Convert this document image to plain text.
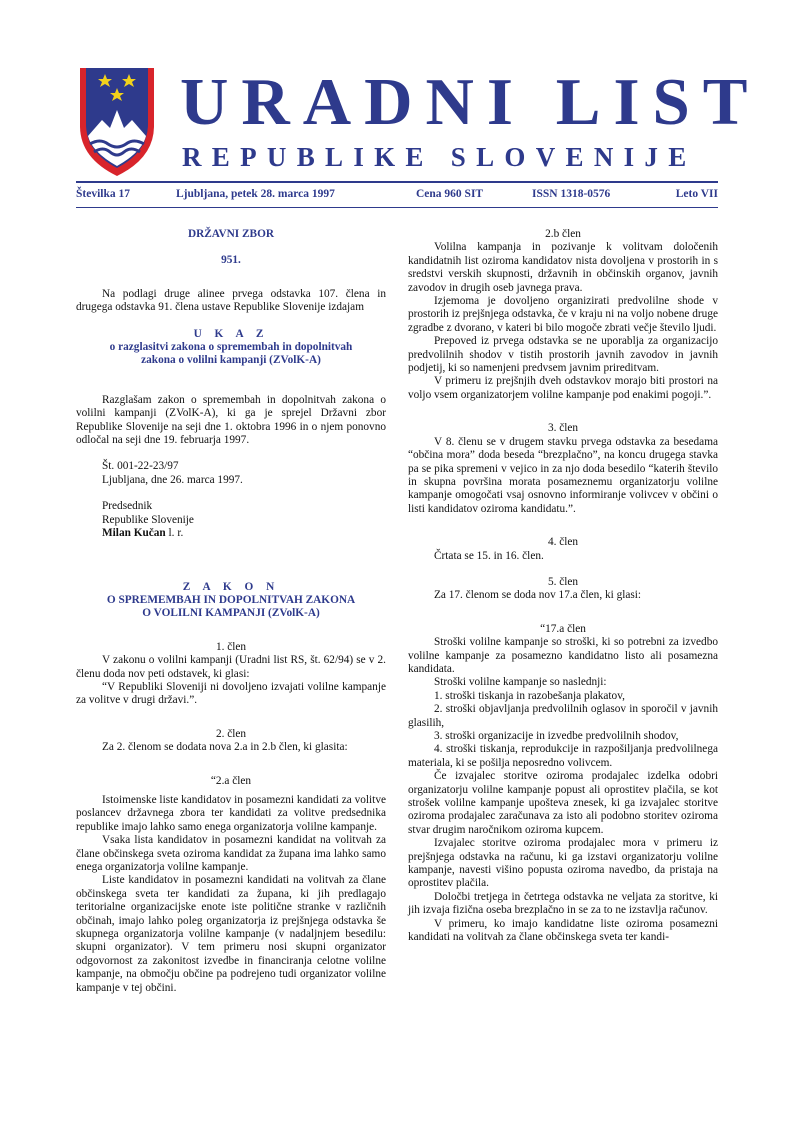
URADNI LIST
REPUBLIKE SLOVENIJE
Številka 17	Ljubljana, petek 28. marca 1997	Cena 960 SIT	ISSN 1318-0576	Leto VII
DRŽAVNI ZBOR
951.

Na podlagi druge alinee prvega odstavka 107. člena in drugega odstavka 91. člena ustave Republike Slovenije izdajam

U K A Z
o razglasitvi zakona o spremembah in dopolnitvah zakona o volilni kampanji (ZVolK-A)

Razglašam zakon o spremembah in dopolnitvah zakona o volilni kampanji (ZVolK-A), ki ga je sprejel Državni zbor Republike Slovenije na seji dne 1. oktobra 1996 in o njem ponovno odločal na seji dne 19. februarja 1997.

Št. 001-22-23/97

Ljubljana, dne 26. marca 1997.

Predsednik

Republike Slovenije

Milan Kučan l. r.

Z A K O N
O SPREMEMBAH IN DOPOLNITVAH ZAKONA O VOLILNI KAMPANJI (ZVolK-A)

1. člen

V zakonu o volilni kampanji (Uradni list RS, št. 62/94) se v 2. členu doda nov peti odstavek, ki glasi:

“V Republiki Sloveniji ni dovoljeno izvajati volilne kampanje za volitve v drugi državi.”.

2. člen

Za 2. členom se dodata nova 2.a in 2.b člen, ki glasita:

“2.a člen

Istoimenske liste kandidatov in posamezni kandidati za volitve poslancev državnega zbora ter kandidati za volitve predsednika republike imajo lahko samo enega organizatorja volilne kampanje.

Vsaka lista kandidatov in posamezni kandidat na volitvah za člane občinskega sveta oziroma kandidat za župana ima lahko samo enega organizatorja volilne kampanje.

Liste kandidatov in posamezni kandidati na volitvah za člane občinskega sveta ter kandidati za župana, ki jih predlagajo teritorialne organizacijske enote iste politične stranke v različnih občinah, imajo lahko poleg organizatorja iz prejšnjega odstavka še skupnega organizatorja volilne kampanje (v nadaljnjem besedilu: skupni organizator). V tem primeru nosi skupni organizator odgovornost za zakonitost izvedbe in financiranja celotne volilne kampanje, na območju občine pa podrejeno tudi organizator volilne kampanje v tej občini.

2.b člen

Volilna kampanja in pozivanje k volitvam določenih kandidatnih list oziroma kandidatov nista dovoljena v prostorih in s sredstvi verskih skupnosti, državnih in občinskih organov, javnih zavodov in drugih oseb javnega prava.

Izjemoma je dovoljeno organizirati predvolilne shode v prostorih iz prejšnjega odstavka, če v kraju ni na voljo nobene druge zgradbe z dvorano, v kateri bi bilo mogoče zbrati večje število ljudi.

Prepoved iz prvega odstavka se ne uporablja za organizacijo predvolilnih shodov v tistih prostorih javnih zavodov in javnih podjetij, ki so namenjeni predvsem javnim prireditvam.

V primeru iz prejšnjih dveh odstavkov morajo biti prostori na voljo vsem organizatorjem volilne kampanje pod enakimi pogoji.”.

3. člen

V 8. členu se v drugem stavku prvega odstavka za besedama “občina mora” doda beseda “brezplačno”, na koncu drugega stavka pa se pika spremeni v vejico in za njo doda besedilo “katerih število in skupna površina morata posameznemu organizatorju volilne kampanje omogočati vsaj osnovno informiranje volivcev v občini o listi kandidatov oziroma kandidatu.”.

4. člen

Črtata se 15. in 16. člen.

5. člen

Za 17. členom se doda nov 17.a člen, ki glasi:

“17.a člen

Stroški volilne kampanje so stroški, ki so potrebni za izvedbo volilne kampanje za posamezno kandidatno listo ali posamezna kandidata.

Stroški volilne kampanje so naslednji:

1. stroški tiskanja in razobešanja plakatov,

2. stroški objavljanja predvolilnih oglasov in sporočil v javnih glasilih,

3. stroški organizacije in izvedbe predvolilnih shodov,

4. stroški tiskanja, reprodukcije in razpošiljanja predvolilnega materiala, ki se pošilja neposredno volivcem.

Če izvajalec storitve oziroma prodajalec izdelka odobri organizatorju volilne kampanje popust ali oprostitev plačila, se kot strošek volilne kampanje upošteva znesek, ki ga izvajalec storitve oziroma prodajalec zaračunava za isto ali podobno storitev oziroma stvar drugim naročnikom oziroma kupcem.

Izvajalec storitve oziroma prodajalec mora v primeru iz prejšnjega odstavka na računu, ki ga izstavi organizatorju volilne kampanje, navesti višino popusta oziroma navedbo, da pristaja na oprostitev plačila.

Določbi tretjega in četrtega odstavka ne veljata za storitve, ki jih izvaja fizična oseba brezplačno in se za to ne izstavlja računov.

V primeru, ko imajo kandidatne liste oziroma posamezni kandidati na volitvah za člane občinskega sveta ter kandi-
